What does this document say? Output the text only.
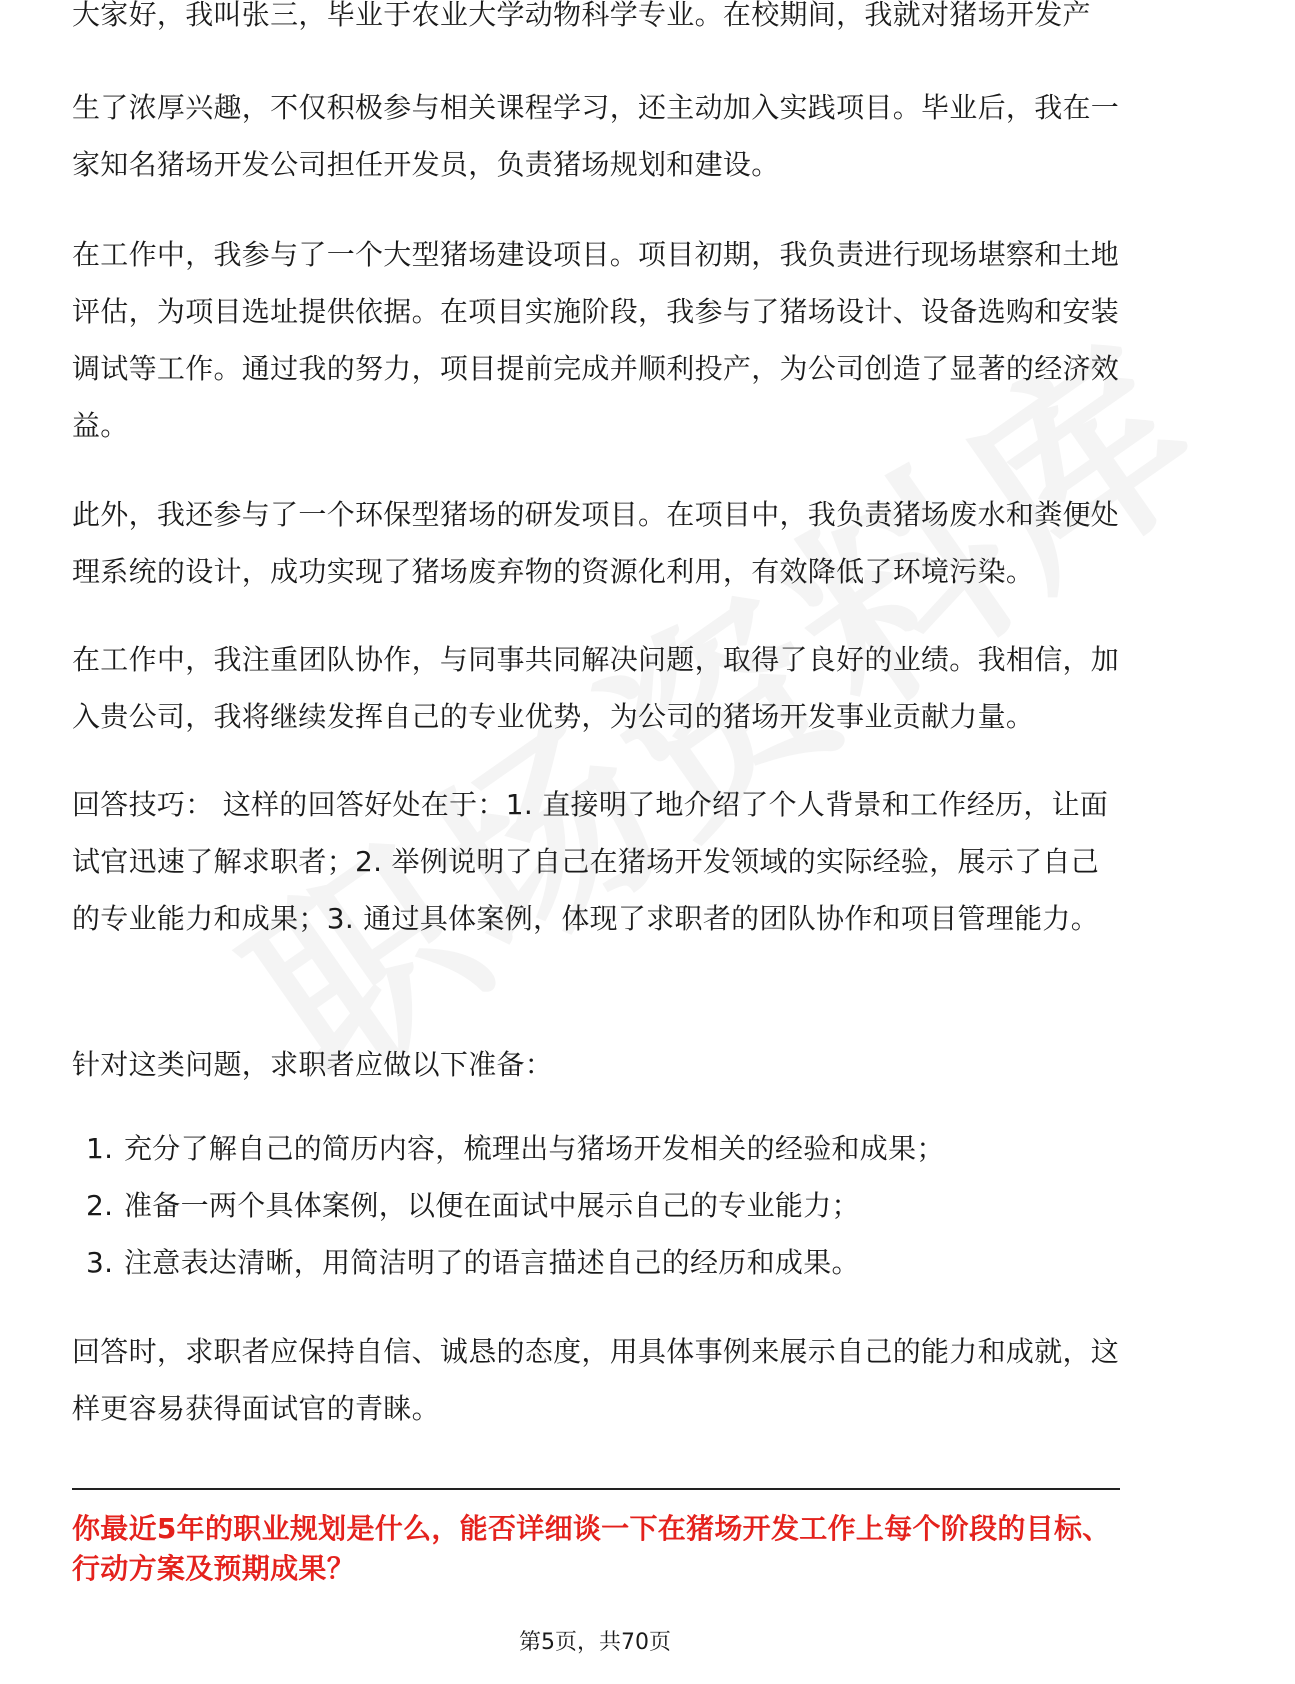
大家好，我叫张三，毕业于农业大学动物科学专业。在校期间，我就对猪场开发产

生了浓厚兴趣，不仅积极参与相关课程学习，还主动加入实践项目。毕业后，我在一家知名猪场开发公司担任开发员，负责猪场规划和建设。

在工作中，我参与了一个大型猪场建设项目。项目初期，我负责进行现场堪察和土地评估，为项目选址提供依据。在项目实施阶段，我参与了猪场设计、设备选购和安装调试等工作。通过我的努力，项目提前完成并顺利投产，为公司创造了显著的经济效益。

此外，我还参与了一个环保型猪场的研发项目。在项目中，我负责猪场废水和粪便处理系统的设计，成功实现了猪场废弃物的资源化利用，有效降低了环境污染。

在工作中，我注重团队协作，与同事共同解决问题，取得了良好的业绩。我相信，加入贵公司，我将继续发挥自己的专业优势，为公司的猪场开发事业贡献力量。

回答技巧： 这样的回答好处在于：1. 直接明了地介绍了个人背景和工作经历，让面试官迅速了解求职者；2. 举例说明了自己在猪场开发领域的实际经验，展示了自己的专业能力和成果；3. 通过具体案例，体现了求职者的团队协作和项目管理能力。

针对这类问题，求职者应做以下准备：

1. 充分了解自己的简历内容，梳理出与猪场开发相关的经验和成果；
2. 准备一两个具体案例，以便在面试中展示自己的专业能力；
3. 注意表达清晰，用简洁明了的语言描述自己的经历和成果。

回答时，求职者应保持自信、诚恳的态度，用具体事例来展示自己的能力和成就，这样更容易获得面试官的青睐。

你最近5年的职业规划是什么，能否详细谈一下在猪场开发工作上每个阶段的目标、行动方案及预期成果？
第5页，共70页
